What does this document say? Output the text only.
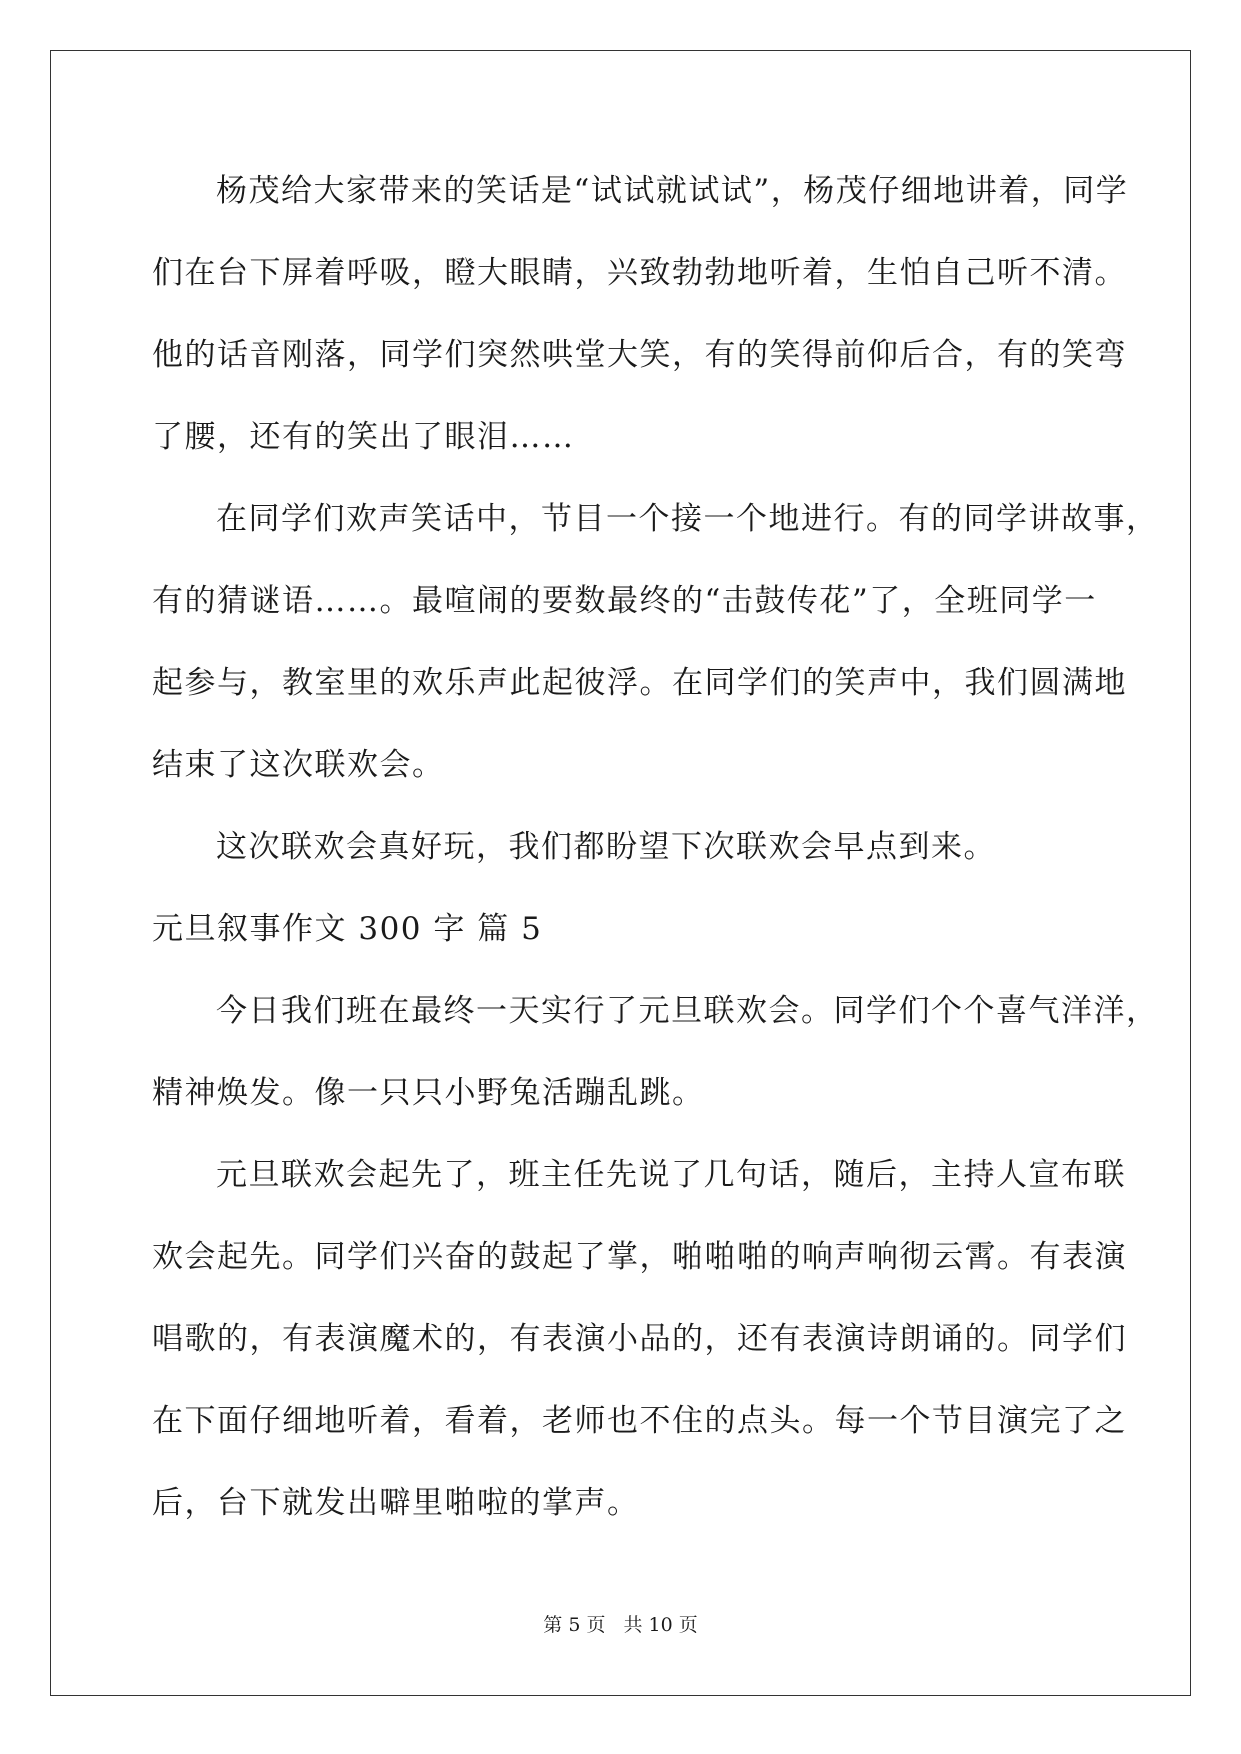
杨茂给大家带来的笑话是“试试就试试”，杨茂仔细地讲着，同学
们在台下屏着呼吸，瞪大眼睛，兴致勃勃地听着，生怕自己听不清。
他的话音刚落，同学们突然哄堂大笑，有的笑得前仰后合，有的笑弯
了腰，还有的笑出了眼泪……
在同学们欢声笑话中，节目一个接一个地进行。有的同学讲故事，
有的猜谜语……。最喧闹的要数最终的“击鼓传花”了，全班同学一
起参与，教室里的欢乐声此起彼浮。在同学们的笑声中，我们圆满地
结束了这次联欢会。
这次联欢会真好玩，我们都盼望下次联欢会早点到来。
元旦叙事作文 300 字 篇 5
今日我们班在最终一天实行了元旦联欢会。同学们个个喜气洋洋，
精神焕发。像一只只小野兔活蹦乱跳。
元旦联欢会起先了，班主任先说了几句话，随后，主持人宣布联
欢会起先。同学们兴奋的鼓起了掌，啪啪啪的响声响彻云霄。有表演
唱歌的，有表演魔术的，有表演小品的，还有表演诗朗诵的。同学们
在下面仔细地听着，看着，老师也不住的点头。每一个节目演完了之
后，台下就发出噼里啪啦的掌声。
第 5 页 共 10 页
